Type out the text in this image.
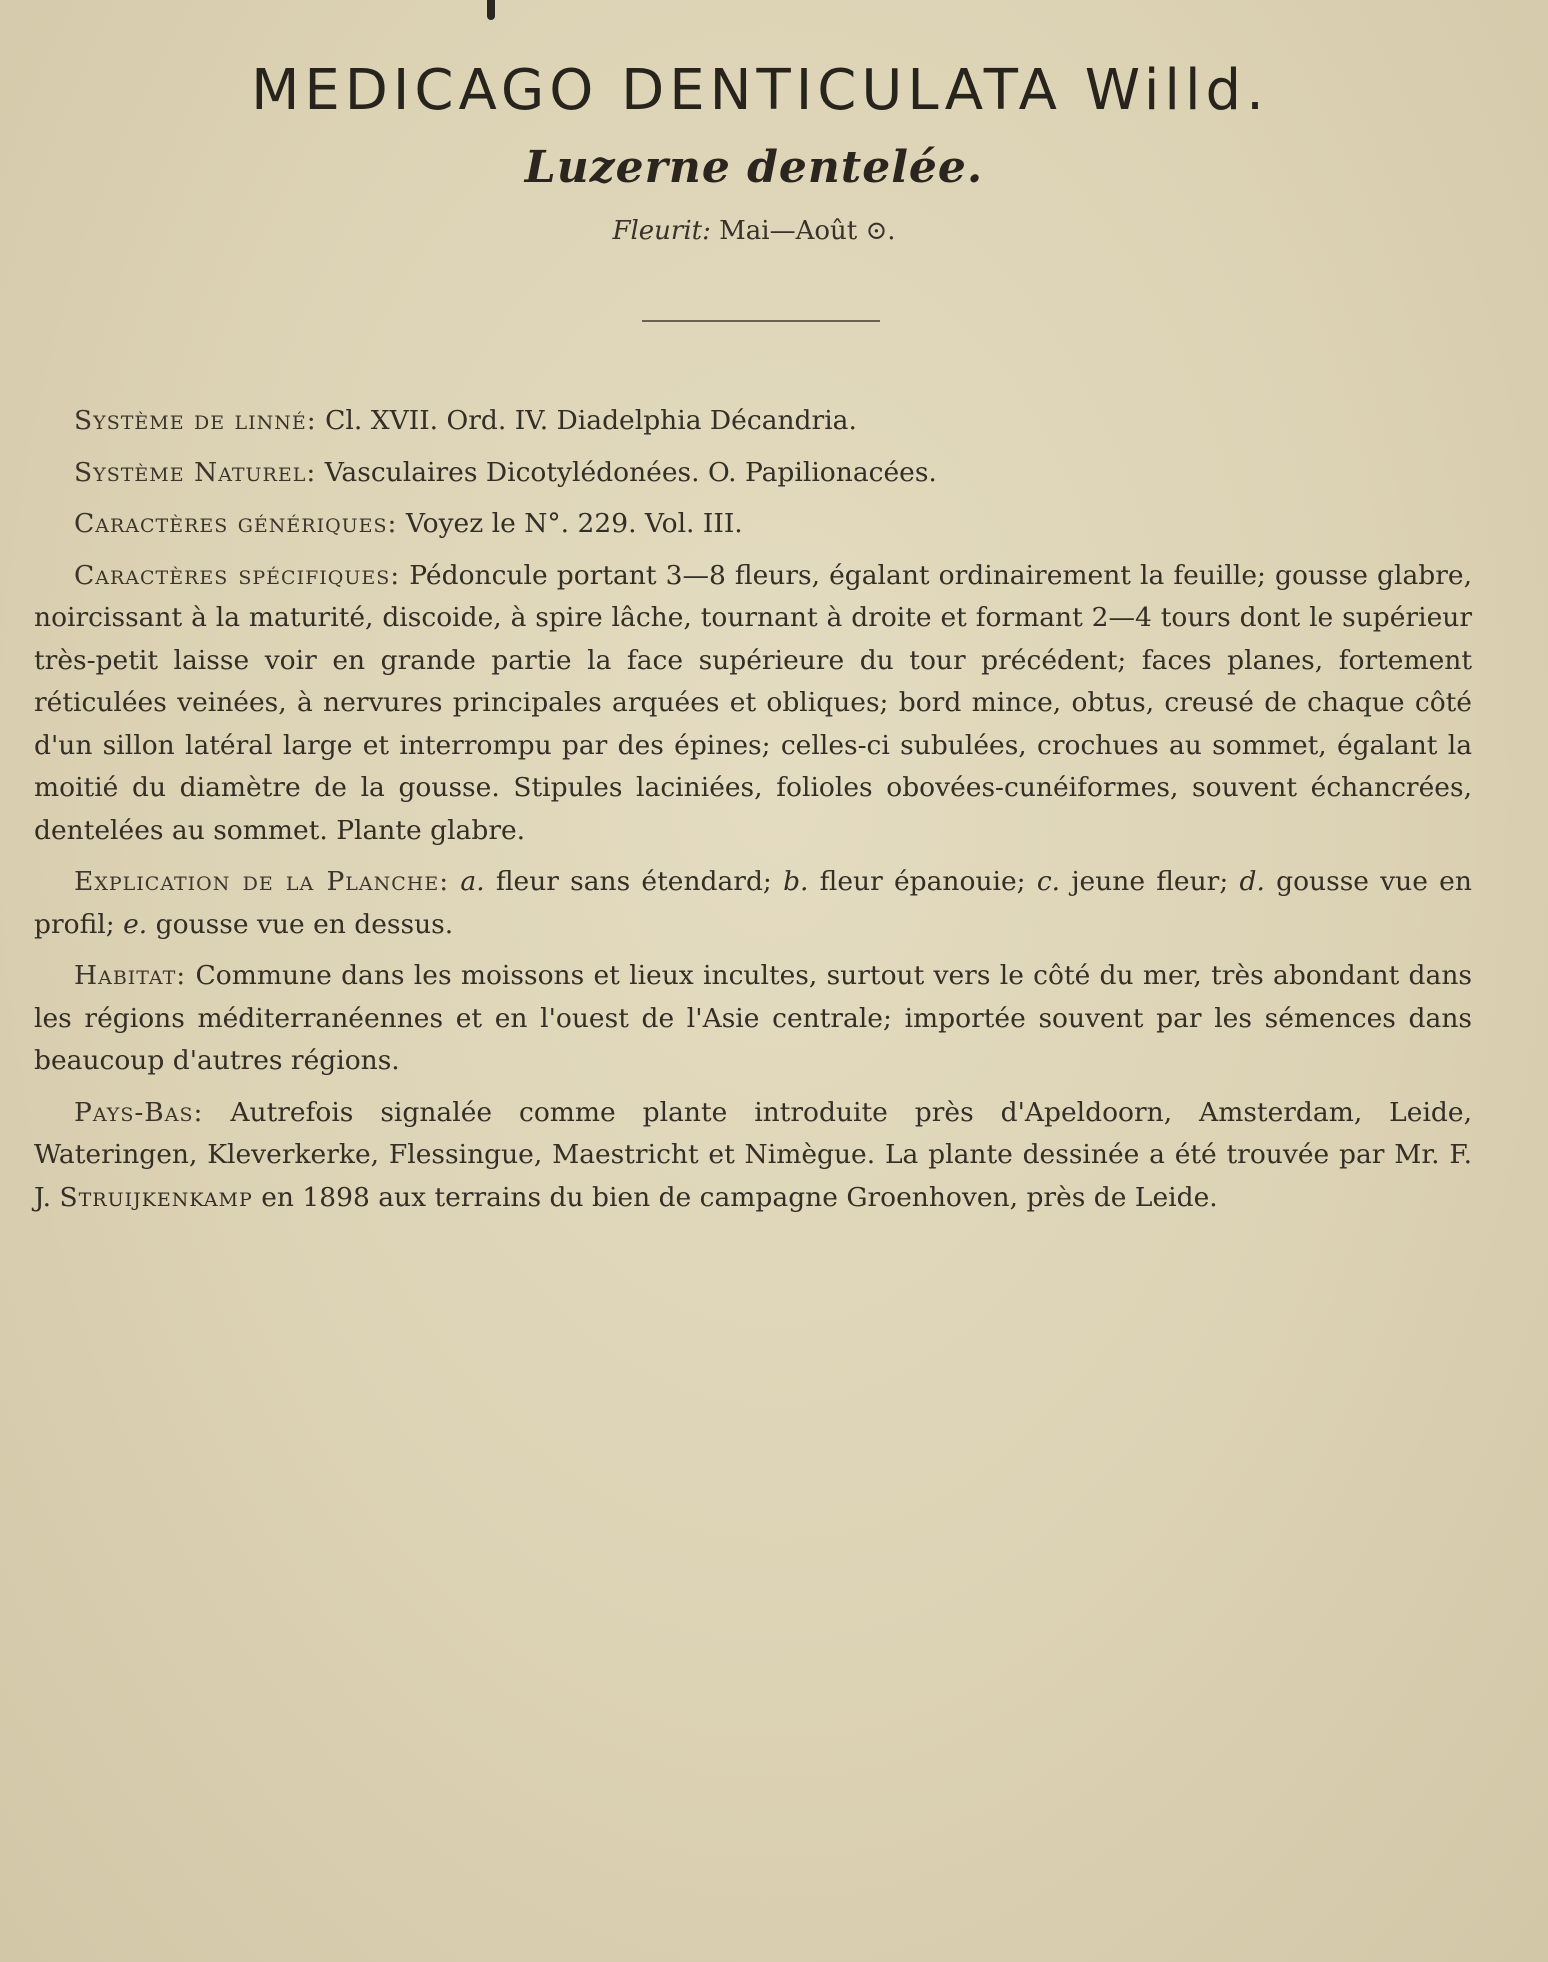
MEDICAGO DENTICULATA Willd.
Luzerne dentelée.
Fleurit: Mai—Août ⊙.

Système de linné: Cl. XVII. Ord. IV. Diadelphia Décandria.

Système Naturel: Vasculaires Dicotylédonées. O. Papilionacées.

Caractères génériques: Voyez le N°. 229. Vol. III.

Caractères spécifiques: Pédoncule portant 3—8 fleurs, égalant ordinairement la feuille; gousse glabre, noircissant à la maturité, discoide, à spire lâche, tournant à droite et formant 2—4 tours dont le supérieur très-petit laisse voir en grande partie la face supérieure du tour précédent; faces planes, fortement réticulées veinées, à nervures principales arquées et obliques; bord mince, obtus, creusé de chaque côté d'un sillon latéral large et interrompu par des épines; celles-ci subulées, crochues au sommet, égalant la moitié du diamètre de la gousse. Stipules laciniées, folioles obovées-cunéiformes, souvent échancrées, dentelées au sommet. Plante glabre.

Explication de la Planche: a. fleur sans étendard; b. fleur épanouie; c. jeune fleur; d. gousse vue en profil; e. gousse vue en dessus.

Habitat: Commune dans les moissons et lieux incultes, surtout vers le côté du mer, très abondant dans les régions méditerranéennes et en l'ouest de l'Asie centrale; importée souvent par les sémences dans beaucoup d'autres régions.

Pays-Bas: Autrefois signalée comme plante introduite près d'Apeldoorn, Amsterdam, Leide, Wateringen, Kleverkerke, Flessingue, Maestricht et Nimègue. La plante dessinée a été trouvée par Mr. F. J. Struijkenkamp en 1898 aux terrains du bien de campagne Groenhoven, près de Leide.
